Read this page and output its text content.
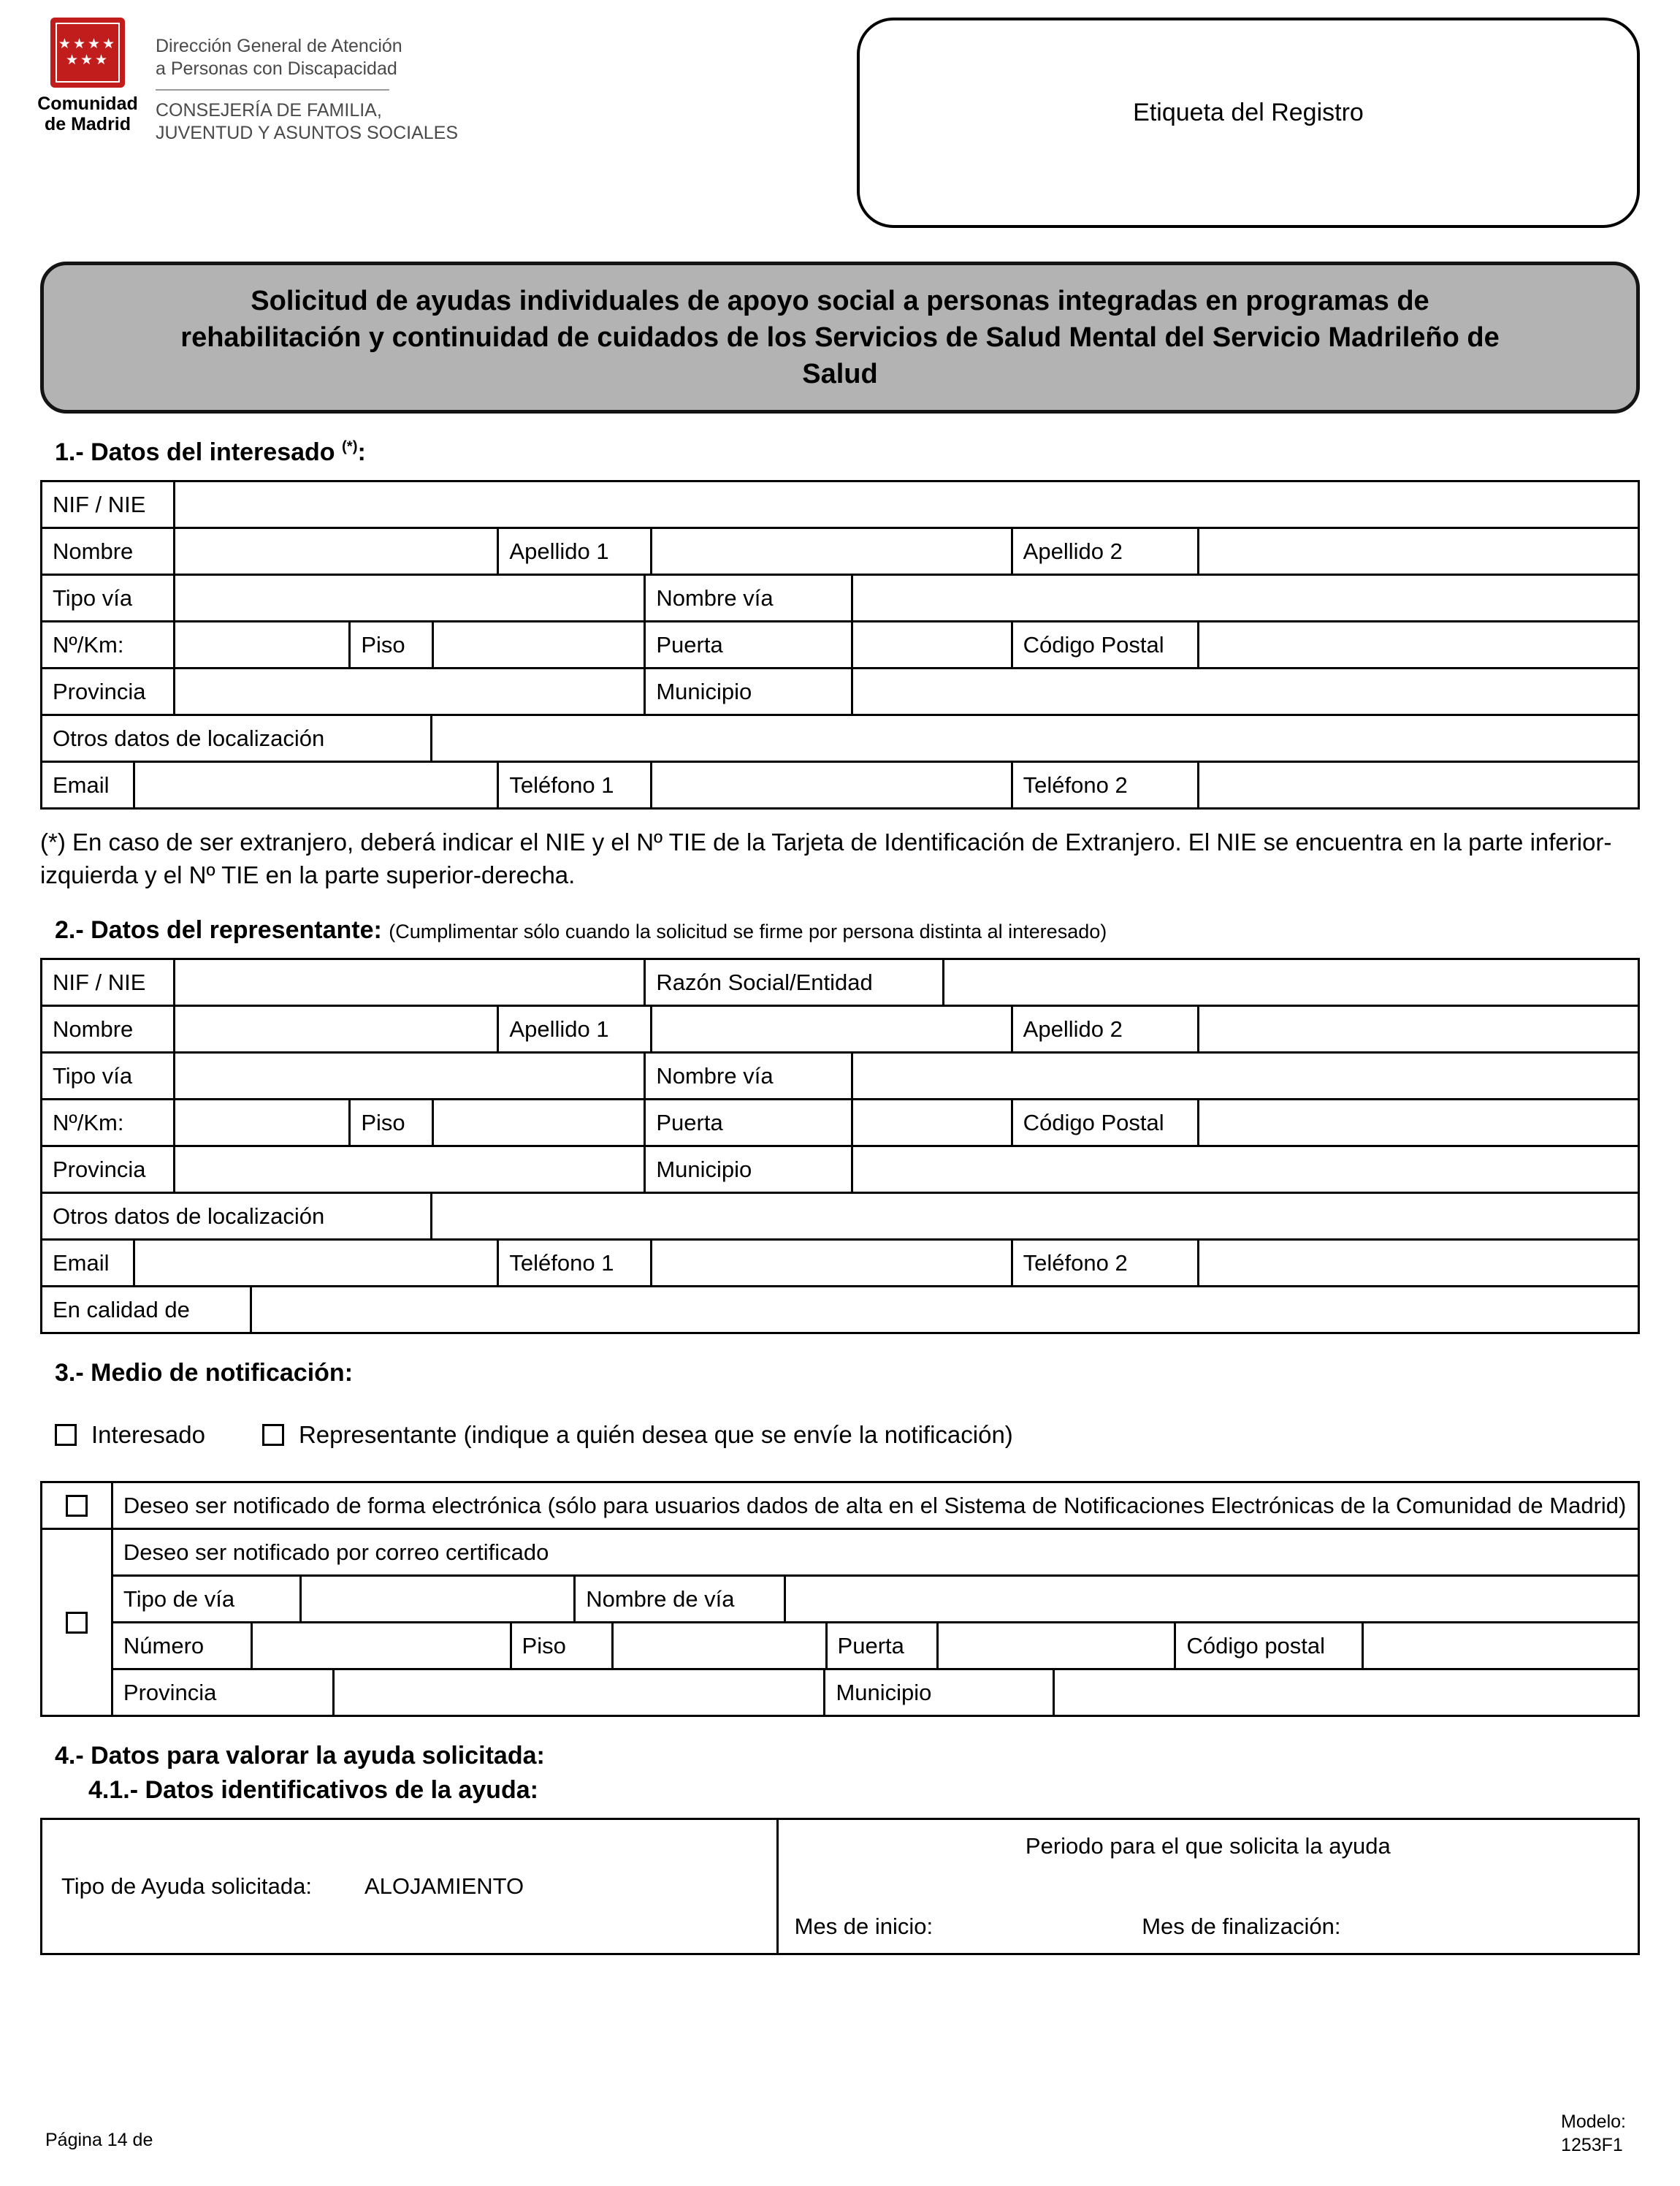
★★★★
★★★
Comunidad
de Madrid
Dirección General de Atención
a Personas con Discapacidad
CONSEJERÍA DE FAMILIA,
JUVENTUD Y ASUNTOS SOCIALES
Etiqueta del Registro
Solicitud de ayudas individuales de apoyo social a personas integradas en programas de rehabilitación y continuidad de cuidados de los Servicios de Salud Mental del Servicio Madrileño de Salud
1.- Datos del interesado (*):
NIF / NIE
Nombre	Apellido 1	Apellido 2
Tipo vía	Nombre vía
Nº/Km:	Piso	Puerta	Código Postal
Provincia	Municipio
Otros datos de localización
Email	Teléfono 1	Teléfono 2
(*) En caso de ser extranjero, deberá indicar el NIE y el Nº TIE de la Tarjeta de Identificación de Extranjero. El NIE se encuentra en la parte inferior-izquierda y el Nº TIE en la parte superior-derecha.
2.- Datos del representante: (Cumplimentar sólo cuando la solicitud se firme por persona distinta al interesado)
NIF / NIE	Razón Social/Entidad
Nombre	Apellido 1	Apellido 2
Tipo vía	Nombre vía
Nº/Km:	Piso	Puerta	Código Postal
Provincia	Municipio
Otros datos de localización
Email	Teléfono 1	Teléfono 2
En calidad de
3.- Medio de notificación:
Interesado	Representante (indique a quién desea que se envíe la notificación)
Deseo ser notificado de forma electrónica (sólo para usuarios dados de alta en el Sistema de Notificaciones Electrónicas de la Comunidad de Madrid)
Deseo ser notificado por correo certificado
Tipo de vía	Nombre de vía
Número	Piso	Puerta	Código postal
Provincia	Municipio
4.- Datos para valorar la ayuda solicitada:
4.1.- Datos identificativos de la ayuda:
Tipo de Ayuda solicitada: ALOJAMIENTO
Periodo para el que solicita la ayuda
Mes de inicio:	Mes de finalización:
Página 14 de
Modelo:
1253F1
